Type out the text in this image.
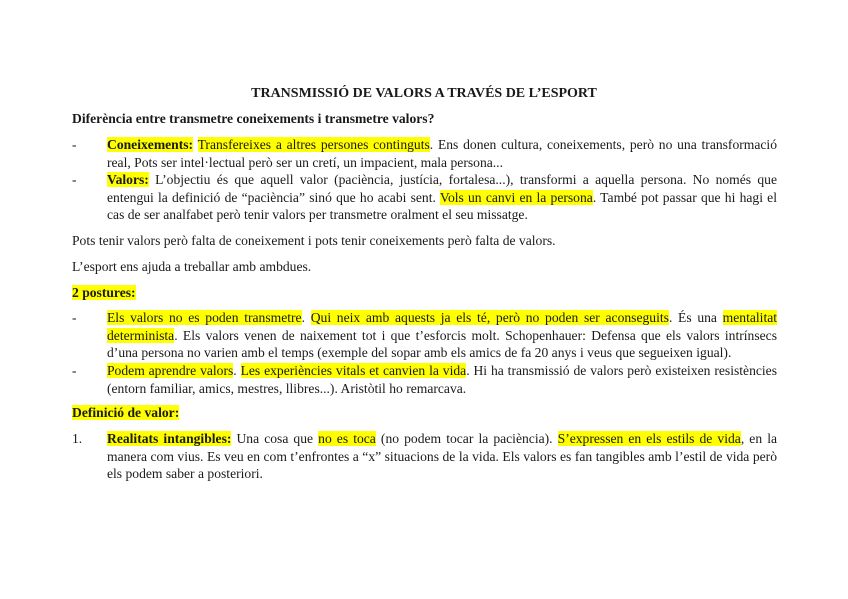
TRANSMISSIÓ DE VALORS A TRAVÉS DE L’ESPORT

Diferència entre transmetre coneixements i transmetre valors?

- Coneixements: Transfereixes a altres persones continguts. Ens donen cultura, coneixements, però no una transformació real, Pots ser intel·lectual però ser un cretí, un impacient, mala persona...
- Valors: L’objectiu és que aquell valor (paciència, justícia, fortalesa...), transformi a aquella persona. No només que entengui la definició de “paciència” sinó que ho acabi sent. Vols un canvi en la persona. També pot passar que hi hagi el cas de ser analfabet però tenir valors per transmetre oralment el seu missatge.

Pots tenir valors però falta de coneixement i pots tenir coneixements però falta de valors.

L’esport ens ajuda a treballar amb ambdues.

2 postures:

- Els valors no es poden transmetre. Qui neix amb aquests ja els té, però no poden ser aconseguits. És una mentalitat determinista. Els valors venen de naixement tot i que t’esforcis molt. Schopenhauer: Defensa que els valors intrínsecs d’una persona no varien amb el temps (exemple del sopar amb els amics de fa 20 anys i veus que segueixen igual).
- Podem aprendre valors. Les experiències vitals et canvien la vida. Hi ha transmissió de valors però existeixen resistències (entorn familiar, amics, mestres, llibres...). Aristòtil ho remarcava.

Definició de valor:

1. Realitats intangibles: Una cosa que no es toca (no podem tocar la paciència). S’expressen en els estils de vida, en la manera com vius. Es veu en com t’enfrontes a “x” situacions de la vida. Els valors es fan tangibles amb l’estil de vida però els podem saber a posteriori.
